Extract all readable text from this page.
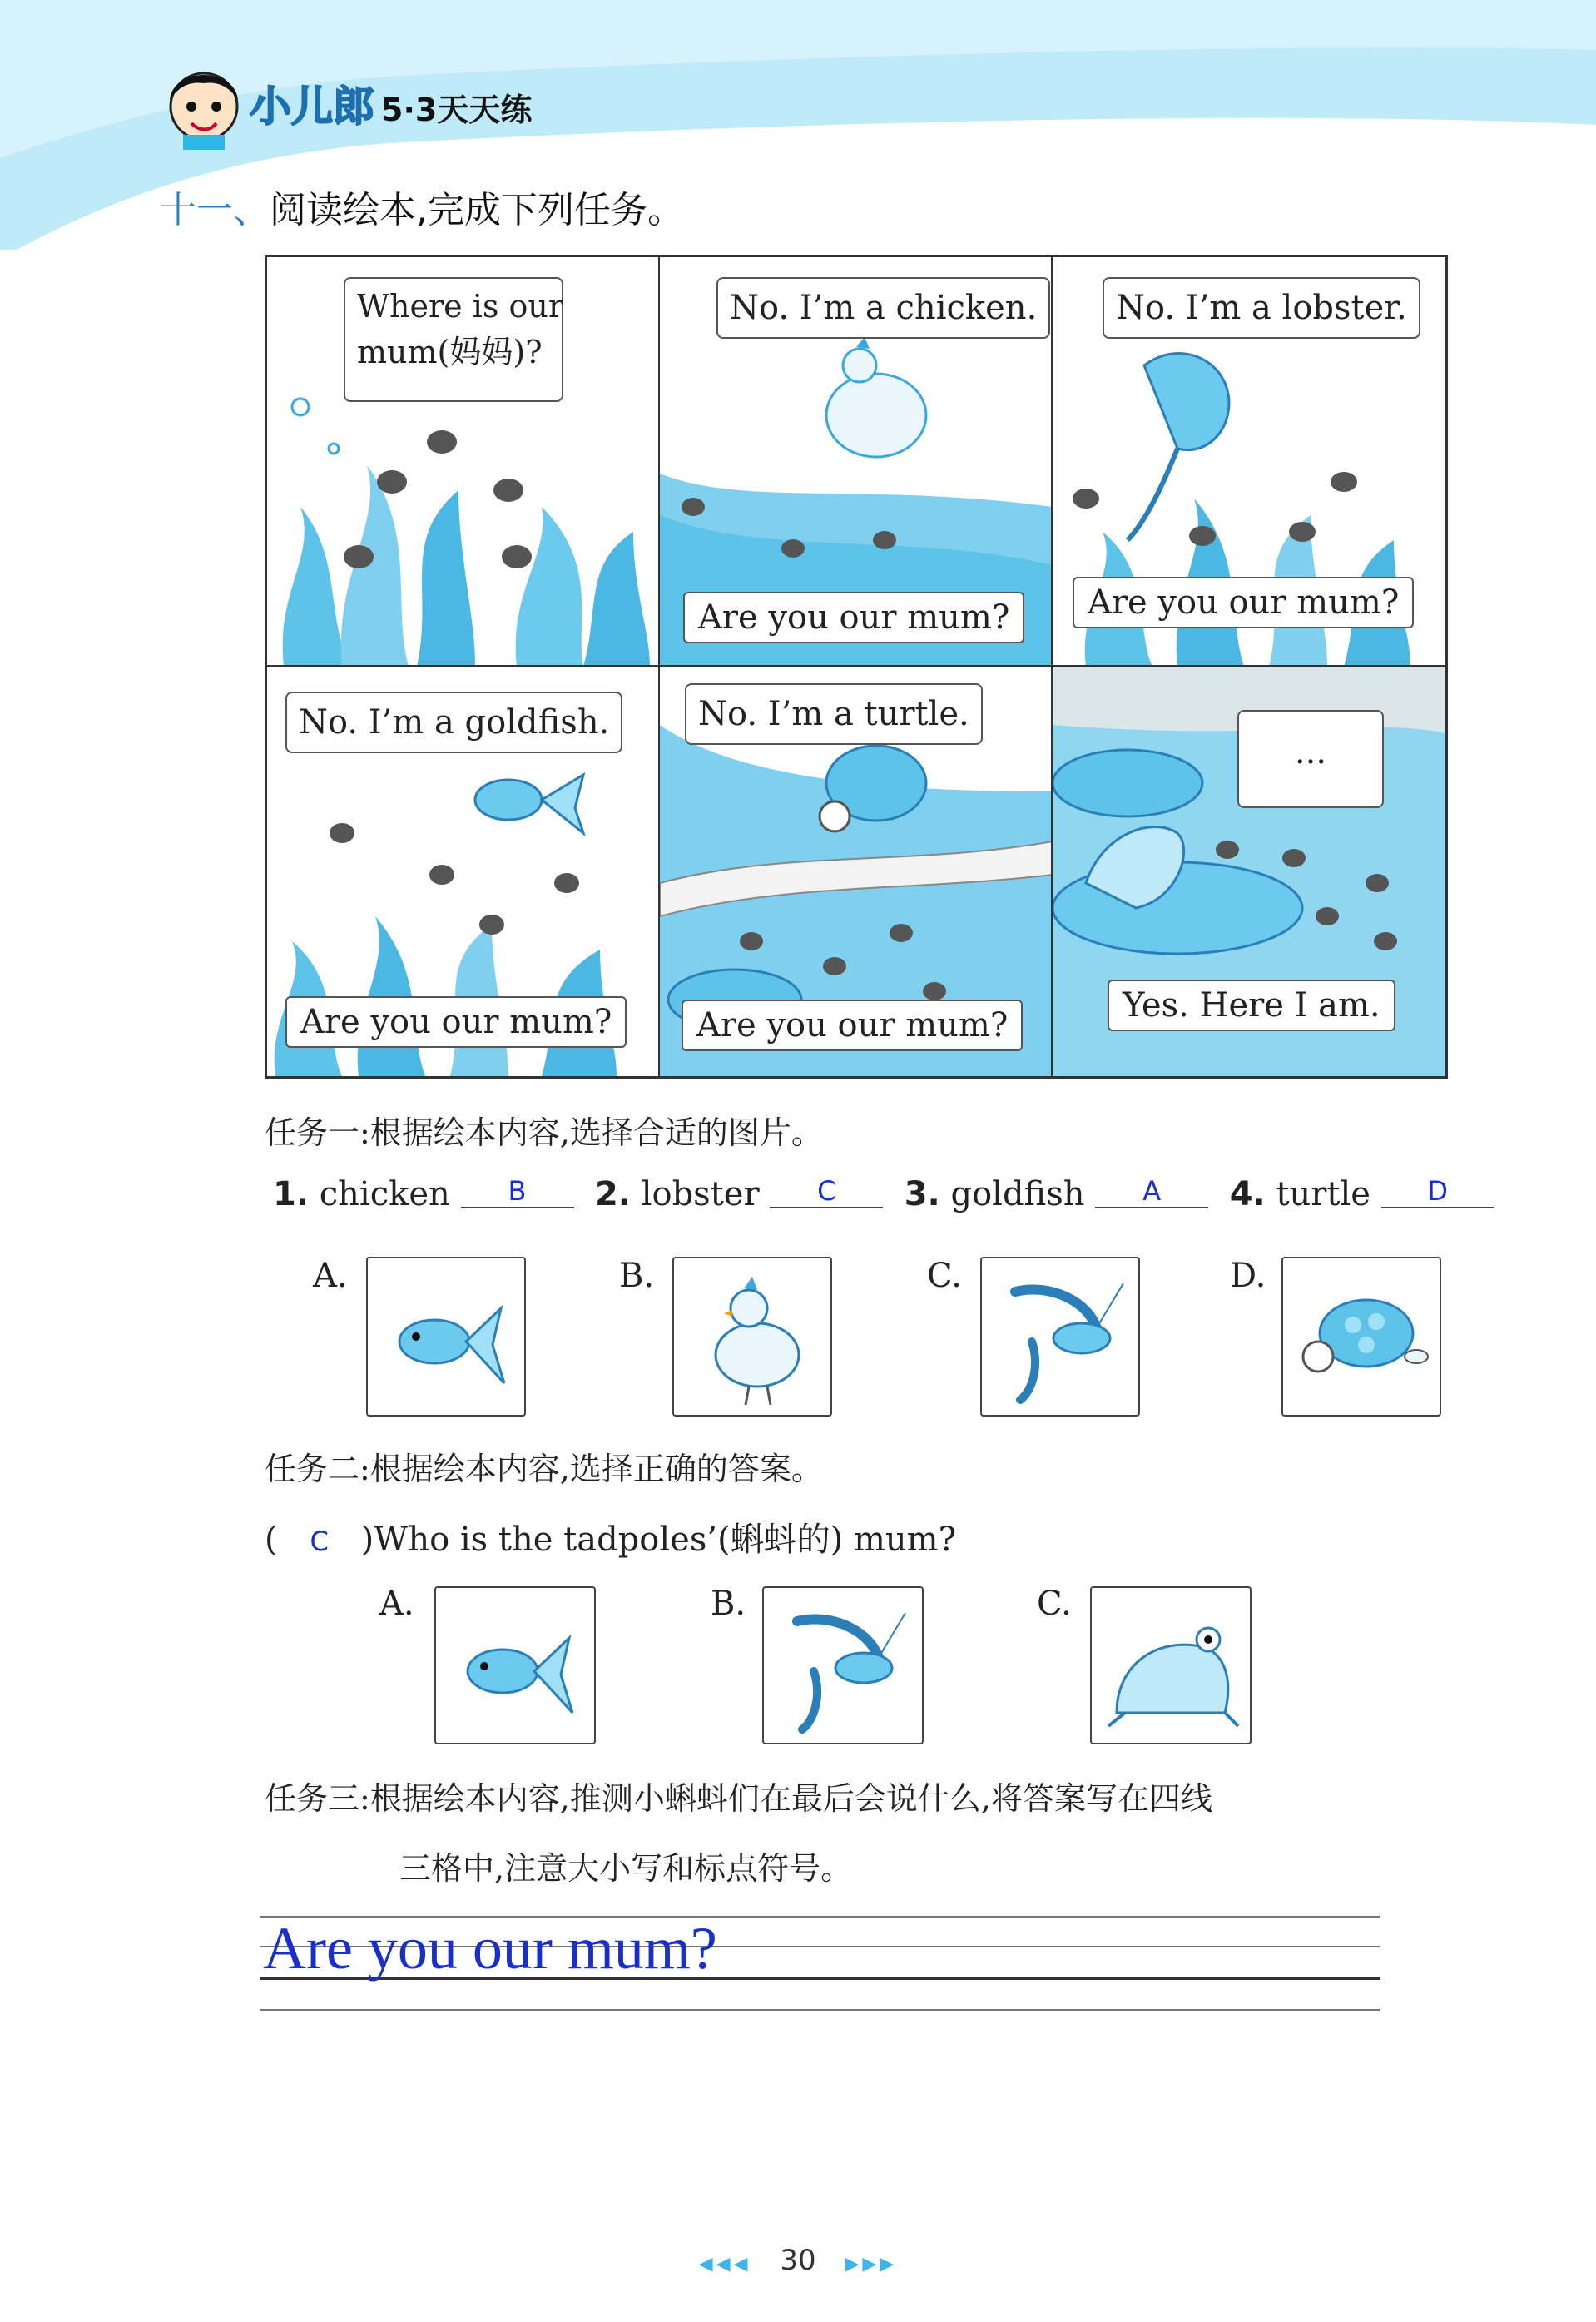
小儿郎 5·3天天练
十一、阅读绘本,完成下列任务。
Where is our
mum(妈妈)?
No. I’m a chicken.
Are you our mum?
No. I’m a lobster.
Are you our mum?
No. I’m a goldfish.
Are you our mum?
No. I’m a turtle.
Are you our mum?
...
Yes. Here I am.
任务一:根据绘本内容,选择合适的图片。
1. chicken B 2. lobster C 3. goldfish A 4. turtle D
A.	B.	C.	D.
任务二:根据绘本内容,选择正确的答案。
( C )Who is the tadpoles’(蝌蚪的) mum?
A.	B.	C.
任务三:根据绘本内容,推测小蝌蚪们在最后会说什么,将答案写在四线
三格中,注意大小写和标点符号。
Are you our mum?
◀◀◀ 30 ▶▶▶
